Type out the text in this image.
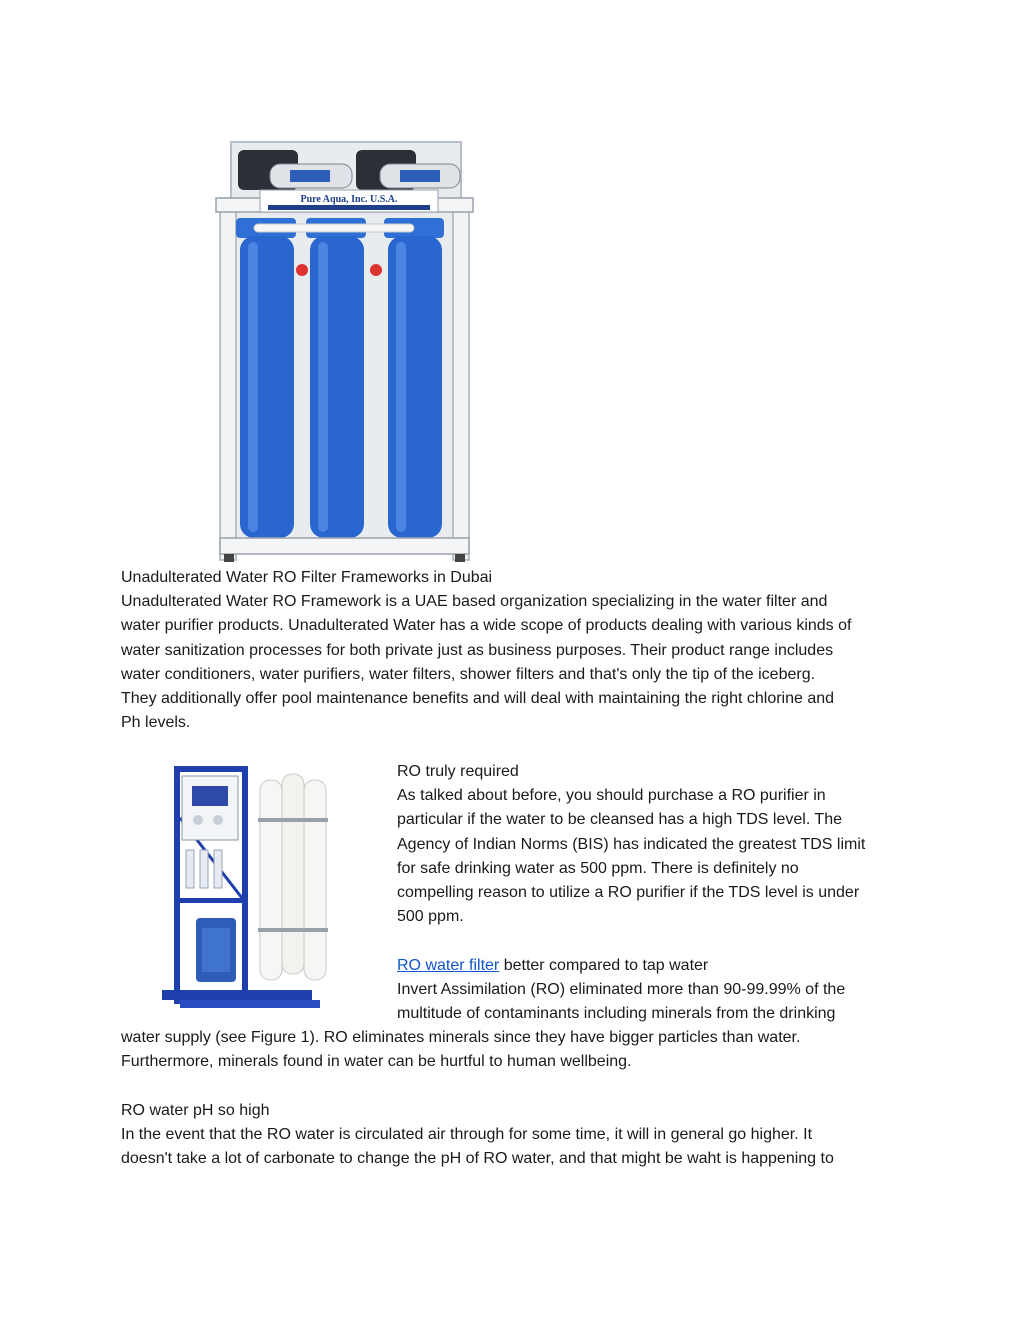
Pure Aqua, Inc. U.S.A.
Unadulterated Water RO Filter Frameworks in Dubai
Unadulterated Water RO Framework is a UAE based organization specializing in the water filter and
water purifier products. Unadulterated Water has a wide scope of products dealing with various kinds of
water sanitization processes for both private just as business purposes. Their product range includes
water conditioners, water purifiers, water filters, shower filters and that's only the tip of the iceberg.
They additionally offer pool maintenance benefits and will deal with maintaining the right chlorine and
Ph levels.
RO truly required
As talked about before, you should purchase a RO purifier in
particular if the water to be cleansed has a high TDS level. The
Agency of Indian Norms (BIS) has indicated the greatest TDS limit
for safe drinking water as 500 ppm. There is definitely no
compelling reason to utilize a RO purifier if the TDS level is under
500 ppm.
RO water filter better compared to tap water
Invert Assimilation (RO) eliminated more than 90-99.99% of the
multitude of contaminants including minerals from the drinking
water supply (see Figure 1). RO eliminates minerals since they have bigger particles than water.
Furthermore, minerals found in water can be hurtful to human wellbeing.
RO water pH so high
In the event that the RO water is circulated air through for some time, it will in general go higher. It
doesn't take a lot of carbonate to change the pH of RO water, and that might be waht is happening to
